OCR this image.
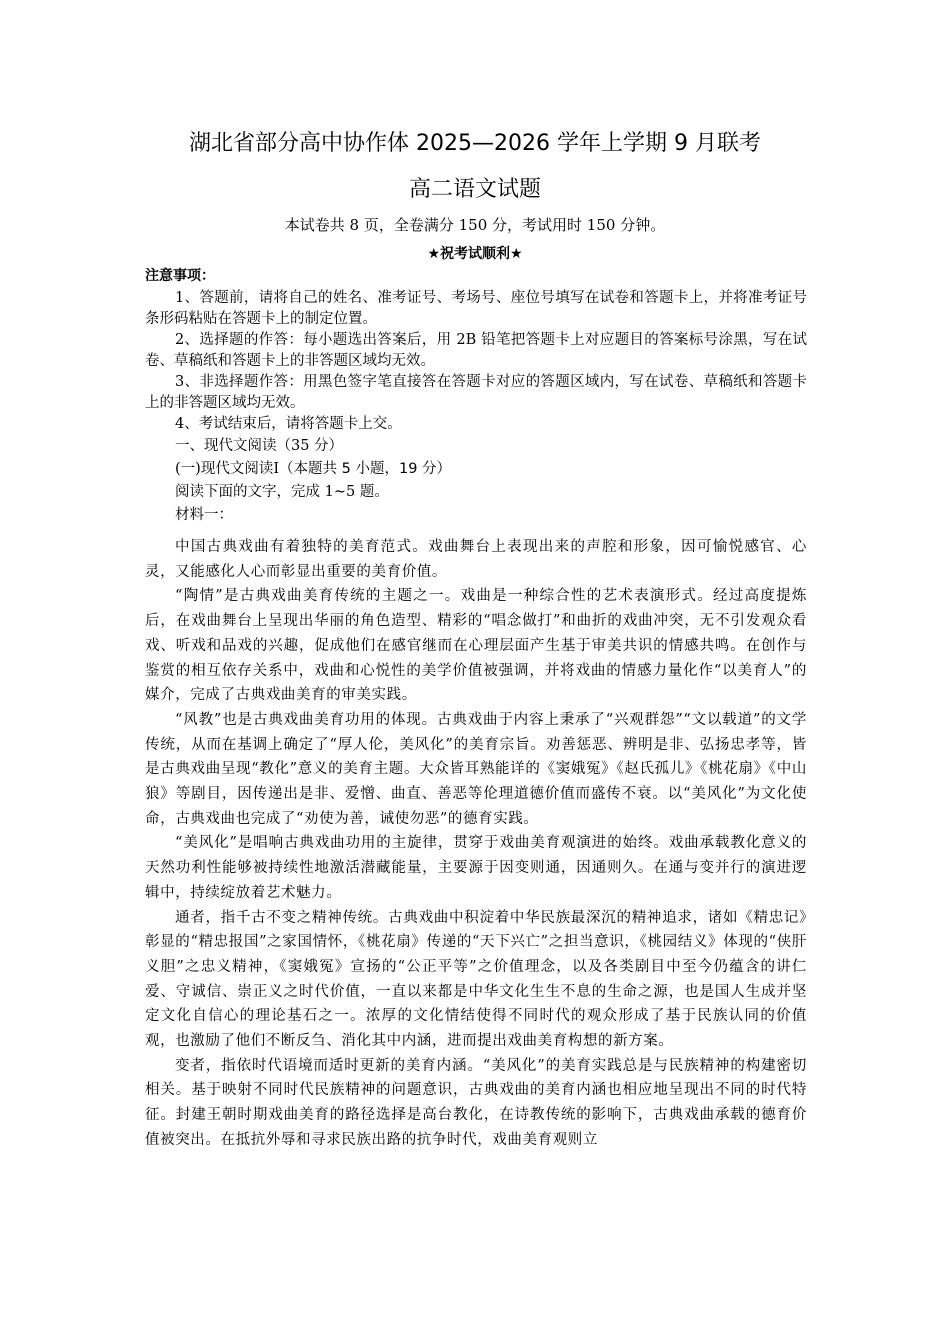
湖北省部分高中协作体 2025—2026 学年上学期 9 月联考
高二语文试题
本试卷共 8 页，全卷满分 150 分，考试用时 150 分钟。
★祝考试顺利★
注意事项：
1、答题前，请将自己的姓名、准考证号、考场号、座位号填写在试卷和答题卡上，并将准考证号条形码粘贴在答题卡上的制定位置。
2、选择题的作答：每小题选出答案后，用 2B 铅笔把答题卡上对应题目的答案标号涂黑，写在试卷、草稿纸和答题卡上的非答题区域均无效。
3、非选择题作答：用黑色签字笔直接答在答题卡对应的答题区域内，写在试卷、草稿纸和答题卡上的非答题区域均无效。
4、考试结束后，请将答题卡上交。
一、现代文阅读（35 分）
(一)现代文阅读Ⅰ（本题共 5 小题，19 分）
阅读下面的文字，完成 1~5 题。
材料一：
中国古典戏曲有着独特的美育范式。戏曲舞台上表现出来的声腔和形象，因可愉悦感官、心灵，又能感化人心而彰显出重要的美育价值。
“陶情”是古典戏曲美育传统的主题之一。戏曲是一种综合性的艺术表演形式。经过高度提炼后，在戏曲舞台上呈现出华丽的角色造型、精彩的“唱念做打”和曲折的戏曲冲突，无不引发观众看戏、听戏和品戏的兴趣，促成他们在感官继而在心理层面产生基于审美共识的情感共鸣。在创作与鉴赏的相互依存关系中，戏曲和心悦性的美学价值被强调，并将戏曲的情感力量化作“以美育人”的媒介，完成了古典戏曲美育的审美实践。
“风教”也是古典戏曲美育功用的体现。古典戏曲于内容上秉承了“兴观群怨”“文以载道”的文学传统，从而在基调上确定了“厚人伦，美风化”的美育宗旨。劝善惩恶、辨明是非、弘扬忠孝等，皆是古典戏曲呈现“教化”意义的美育主题。大众皆耳熟能详的《窦娥冤》《赵氏孤儿》《桃花扇》《中山狼》等剧目，因传递出是非、爱憎、曲直、善恶等伦理道德价值而盛传不衰。以“美风化”为文化使命，古典戏曲也完成了“劝使为善，诫使勿恶”的德育实践。
“美风化”是唱响古典戏曲功用的主旋律，贯穿于戏曲美育观演进的始终。戏曲承载教化意义的天然功利性能够被持续性地激活潜藏能量，主要源于因变则通，因通则久。在通与变并行的演进逻辑中，持续绽放着艺术魅力。
通者，指千古不变之精神传统。古典戏曲中积淀着中华民族最深沉的精神追求，诸如《精忠记》彰显的“精忠报国”之家国情怀，《桃花扇》传递的“天下兴亡”之担当意识，《桃园结义》体现的“侠肝义胆”之忠义精神，《窦娥冤》宣扬的“公正平等”之价值理念，以及各类剧目中至今仍蕴含的讲仁爱、守诚信、崇正义之时代价值，一直以来都是中华文化生生不息的生命之源，也是国人生成并坚定文化自信心的理论基石之一。浓厚的文化情结使得不同时代的观众形成了基于民族认同的价值观，也激励了他们不断反刍、消化其中内涵，进而提出戏曲美育构想的新方案。
变者，指依时代语境而适时更新的美育内涵。“美风化”的美育实践总是与民族精神的构建密切相关。基于映射不同时代民族精神的问题意识，古典戏曲的美育内涵也相应地呈现出不同的时代特征。封建王朝时期戏曲美育的路径选择是高台教化，在诗教传统的影响下，古典戏曲承载的德育价值被突出。在抵抗外辱和寻求民族出路的抗争时代，戏曲美育观则立
